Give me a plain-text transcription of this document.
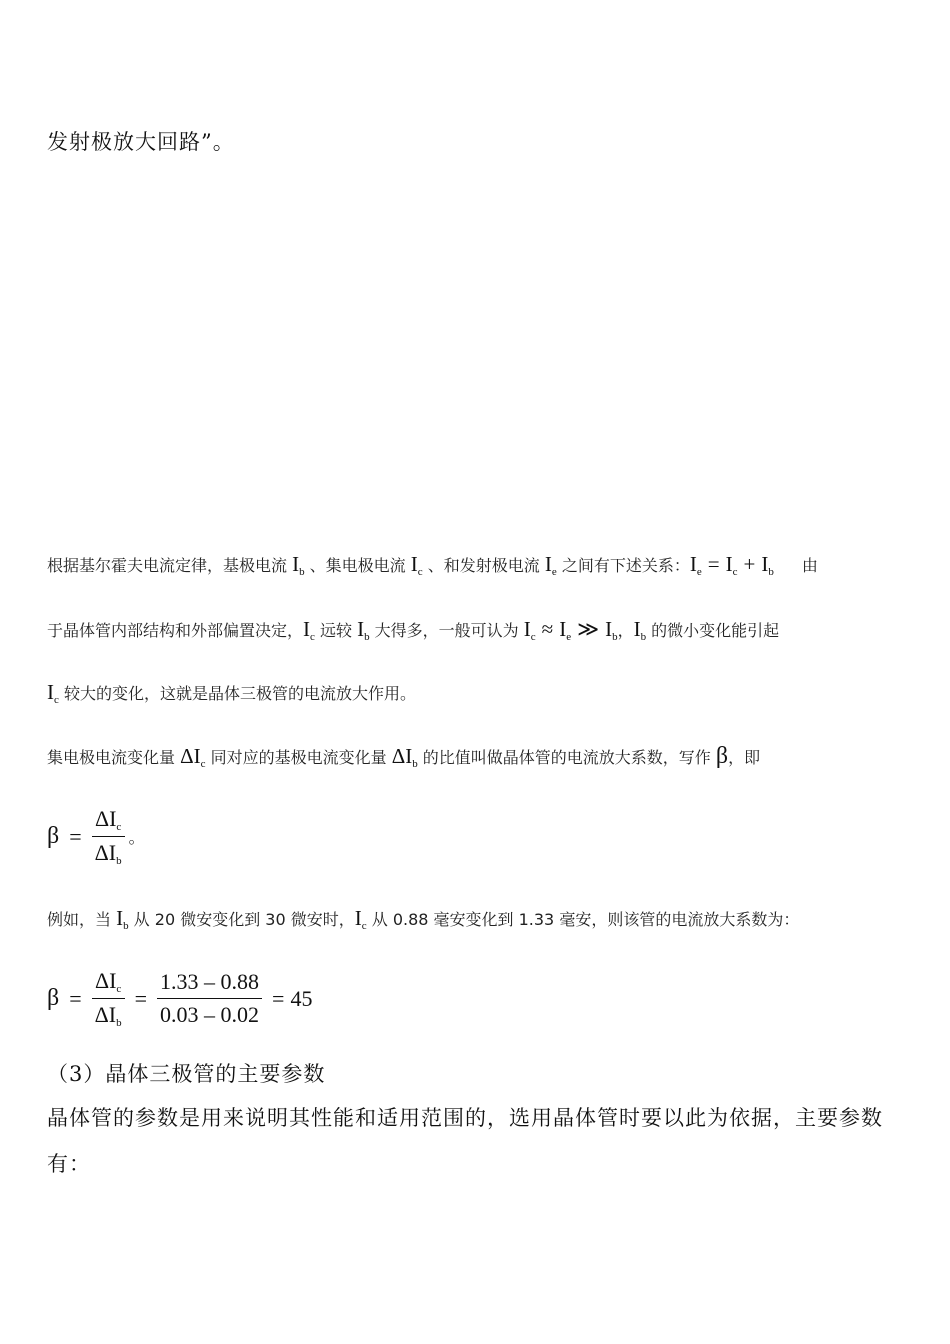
发射极放大回路”。
根据基尔霍夫电流定律，基极电流 $I_b$ 、集电极电流 $I_c$ 、和发射极电流 $I_e$ 之间有下述关系：$I_e = I_c + I_b$ 由
于晶体管内部结构和外部偏置决定，$I_c$ 远较 $I_b$ 大得多，一般可认为 $I_c \approx I_e$ ≫ $I_b$，$I_b$ 的微小变化能引起
$I_c$ 较大的变化，这就是晶体三极管的电流放大作用。
集电极电流变化量 $\Delta I_c$ 同对应的基极电流变化量 $\Delta I_b$ 的比值叫做晶体管的电流放大系数，写作 β，即
$\beta = \frac{\Delta I_c}{\Delta I_b}$ 。
例如，当 $I_b$ 从 20 微安变化到 30 微安时，$I_c$ 从 0.88 毫安变化到 1.33 毫安，则该管的电流放大系数为：
$\beta = \frac{\Delta I_c}{\Delta I_b} = \frac{1.33 - 0.88}{0.03 - 0.02} = 45$
（3）晶体三极管的主要参数
晶体管的参数是用来说明其性能和适用范围的，选用晶体管时要以此为依据，主要参数
有：
